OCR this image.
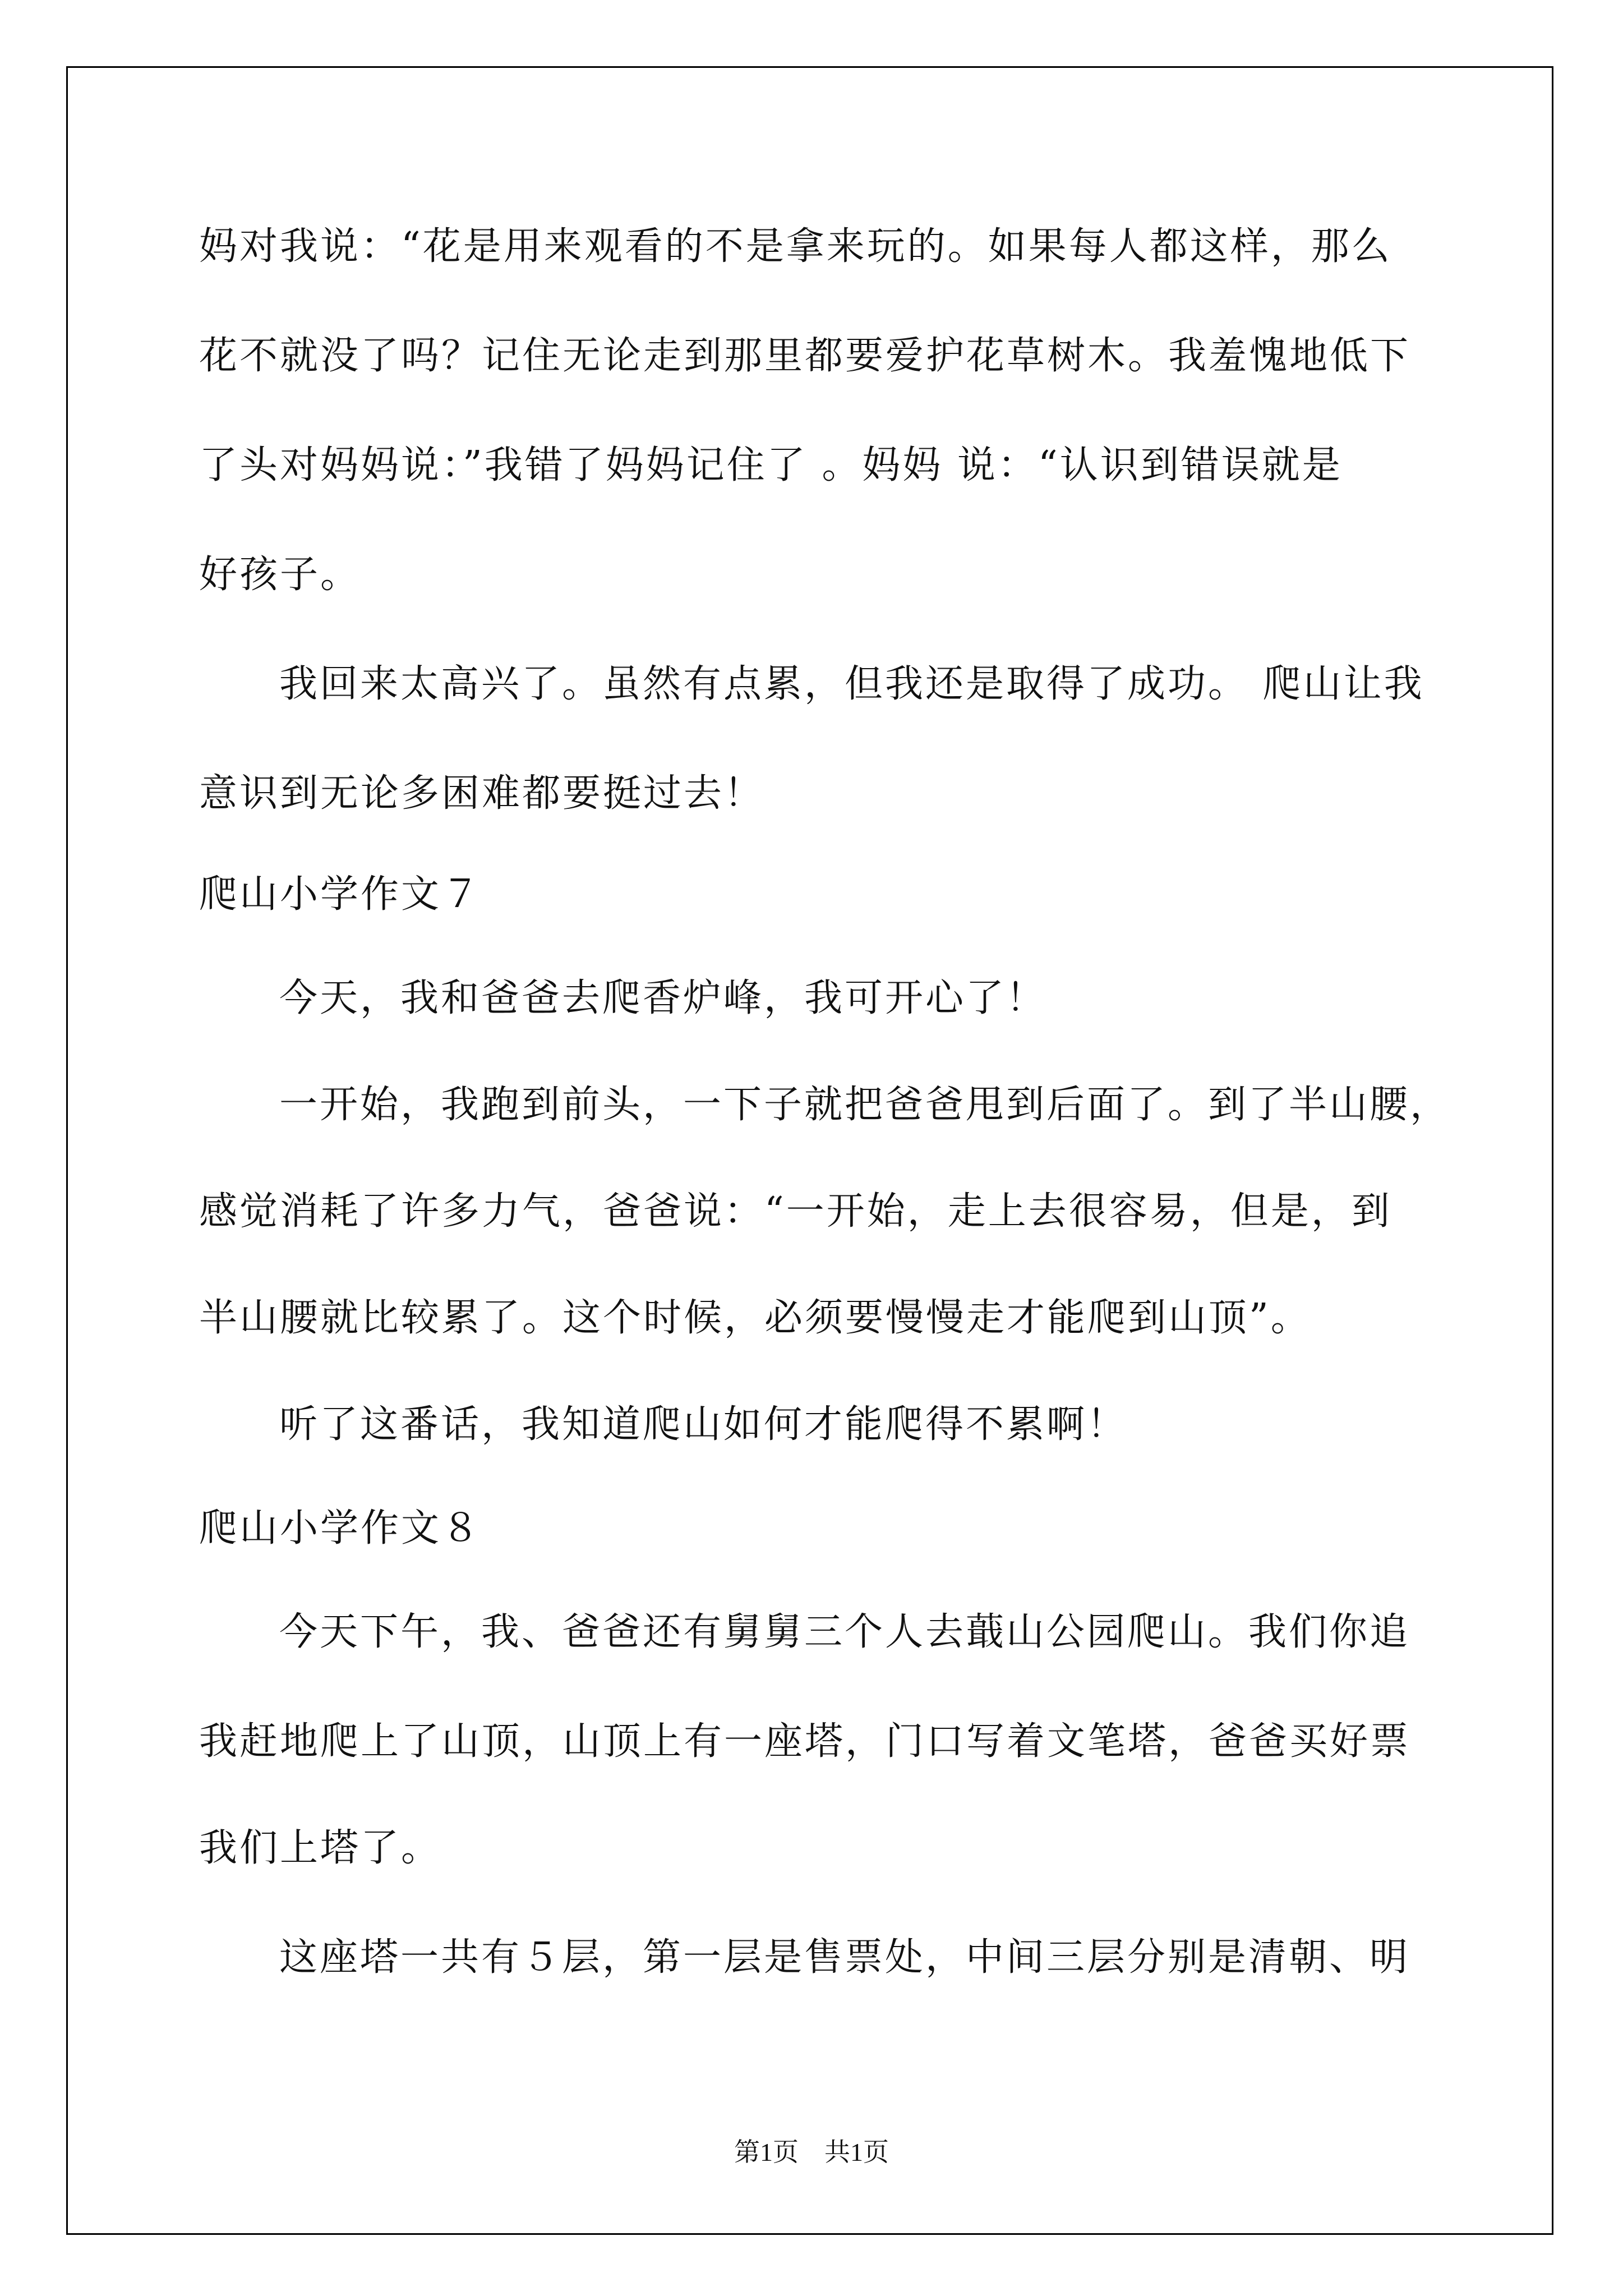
妈对我说：“花是用来观看的不是拿来玩的。如果每人都这样，那么
花不就没了吗？记住无论走到那里都要爱护花草树木。我羞愧地低下
了头对妈妈说：”我错了妈妈记住了 。妈妈 说：“认识到错误就是
好孩子。
我回来太高兴了。虽然有点累，但我还是取得了成功。 爬山让我
意识到无论多困难都要挺过去！
爬山小学作文７
今天，我和爸爸去爬香炉峰，我可开心了！
一开始，我跑到前头，一下子就把爸爸甩到后面了。到了半山腰，
感觉消耗了许多力气，爸爸说：“一开始，走上去很容易，但是，到
半山腰就比较累了。这个时候，必须要慢慢走才能爬到山顶”。
听了这番话，我知道爬山如何才能爬得不累啊！
爬山小学作文８
今天下午，我、爸爸还有舅舅三个人去蕺山公园爬山。我们你追
我赶地爬上了山顶，山顶上有一座塔，门口写着文笔塔，爸爸买好票
我们上塔了。
这座塔一共有５层，第一层是售票处，中间三层分别是清朝、明
第1页　共1页
